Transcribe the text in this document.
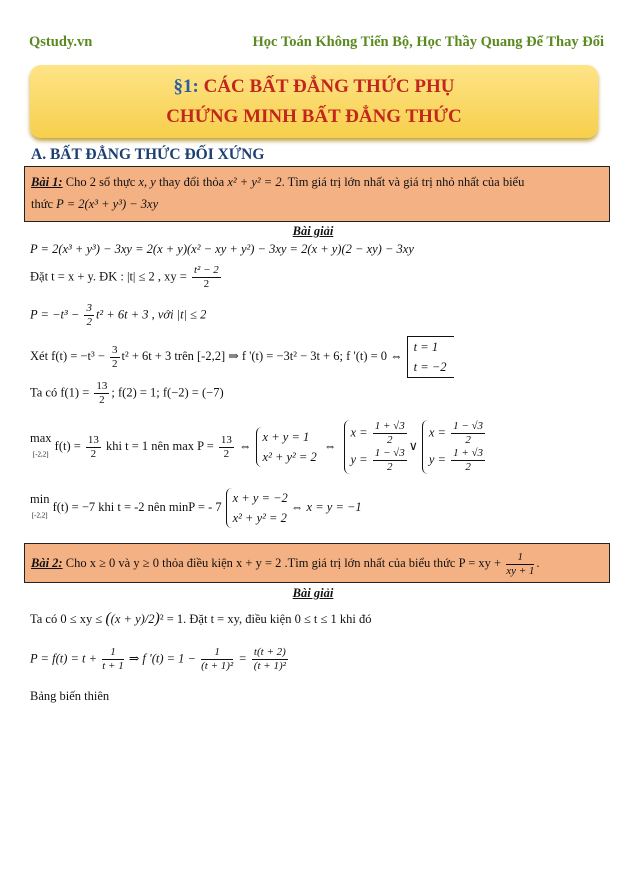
Qstudy.vn	Học Toán Không Tiến Bộ, Học Thầy Quang Để Thay Đổi
§1: CÁC BẤT ĐẲNG THỨC PHỤ
CHỨNG MINH BẤT ĐẲNG THỨC
A. BẤT ĐẲNG THỨC ĐỐI XỨNG
Bài 1: Cho 2 số thực x, y thay đổi thỏa x² + y² = 2. Tìm giá trị lớn nhất và giá trị nhỏ nhất của biểu
thức P = 2(x³ + y³) − 3xy
Bài giải
P = 2(x³ + y³) − 3xy = 2(x + y)(x² − xy + y²) − 3xy = 2(x + y)(2 − xy) − 3xy
Đặt t = x + y. ĐK : |t| ≤ 2 , xy = $\frac{\text{t² − 2}}{2}$
$P = -t^3 - \frac{3}{2} t^2 + 6t + 3$ , với |t| ≤ 2
Xét $f(t) = -t^3 - \frac{3}{2} t^2 + 6t + 3$ trên [-2,2] ⇒ f '(t) = −3t² − 3t + 6; f '(t) = 0 ⇔t = 1
t = −2
Ta có $f(1) = \frac{13}{2}$ ; f(2) = 1; f(−2) = (−7)
max
$_{[-2,2]}$ $f(t) = \frac{13}{2}$ khi t = 1 nên $\max P = \frac{13}{2}$ ⇔x + y = 1
x² + y² = 2 ⇔ $x = \frac{1 + √3}{2}$

$y = \frac{1 - √3}{2}$
∨x = $\frac{1 - √3}{2}$

$y = \frac{1 + √3}{2}$
min
$_{[-2,2]}$ f(t) = −7 khi t = -2 nên minP = - 7x + y = −2
x² + y² = 2 ⇔ x = y = −1
Bài 2: Cho x ≥ 0 và y ≥ 0 thỏa điều kiện x + y = 2 .Tìm giá trị lớn nhất của biểu thức P = xy + $\frac{1}{xy + 1}$ .
Bài giải
Ta có 0 ≤ xy ≤ ((x + y)/2)² = 1. Đặt t = xy, điều kiện 0 ≤ t ≤ 1 khi đó
$P = f(t) = t + \frac{1}{t + 1}$ ⇒ f '$(t) = 1 - \frac{1}{\text{(t + 1)²}} = \frac{t(t + 2)}{\text{(t + 1)²}}$
Bảng biến thiên
